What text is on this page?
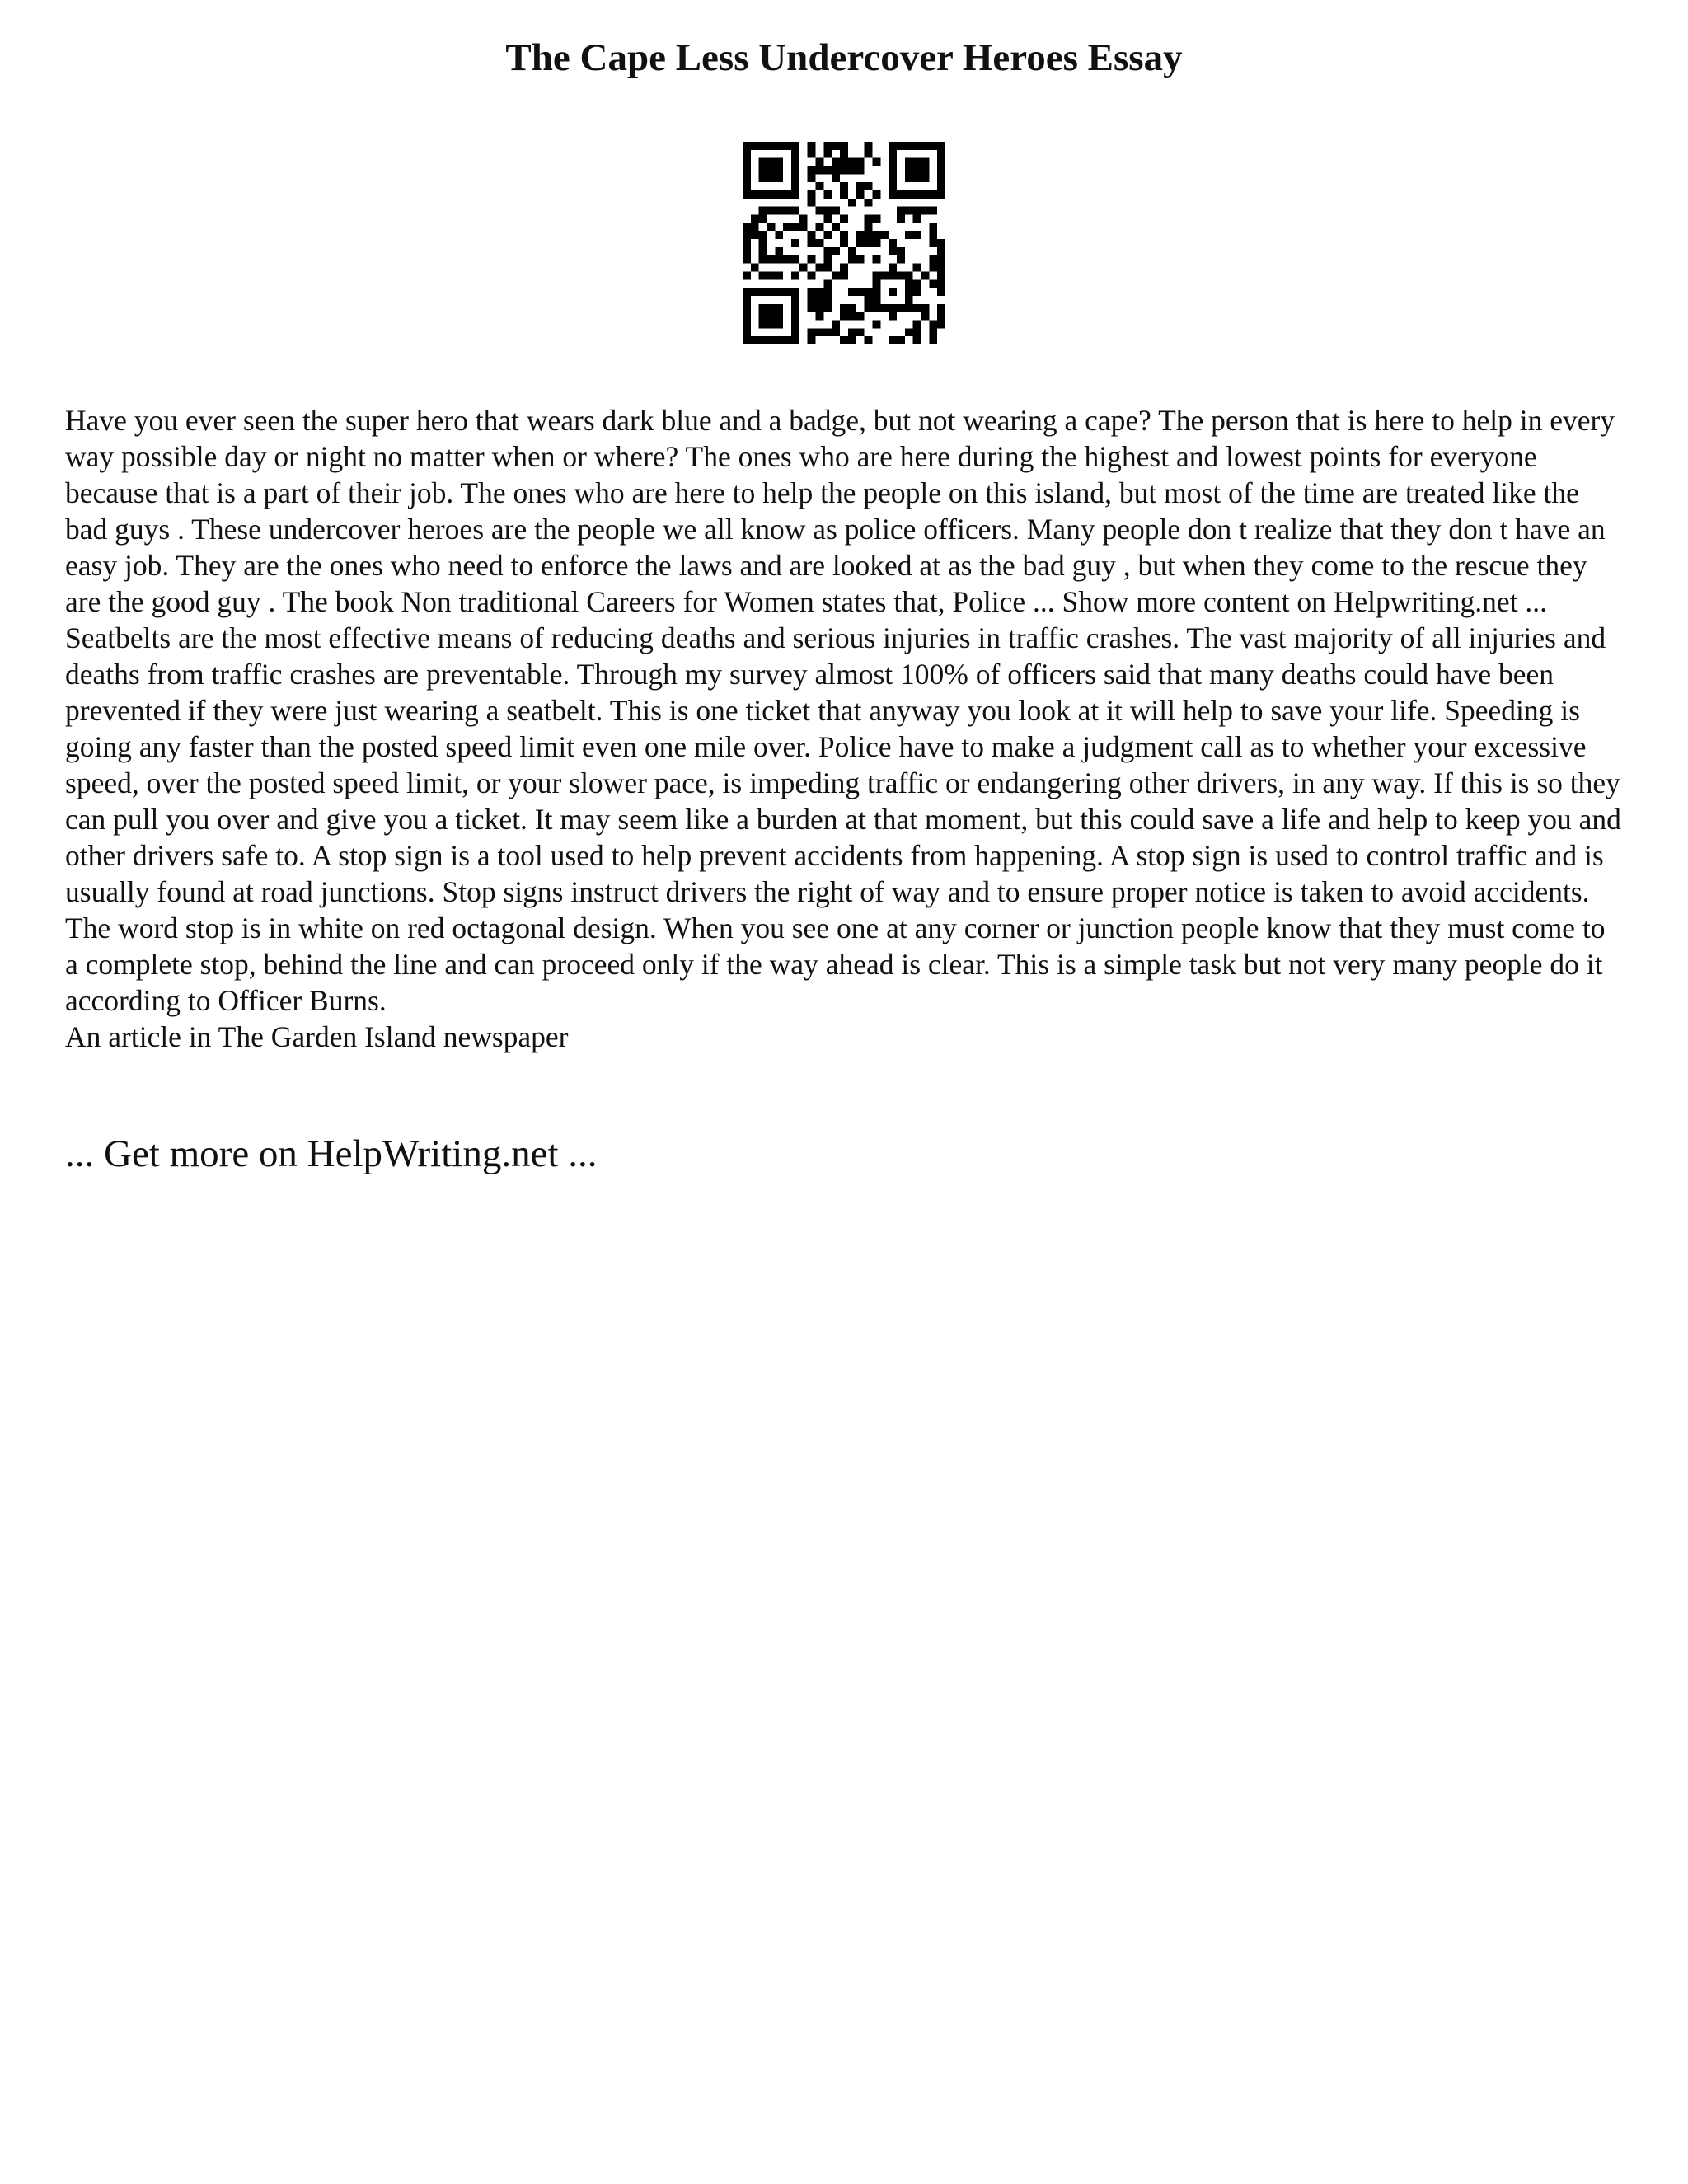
The Cape Less Undercover Heroes Essay

Have you ever seen the super hero that wears dark blue and a badge, but not wearing a cape? The person that is here to help in every way possible day or night no matter when or where? The ones who are here during the highest and lowest points for everyone because that is a part of their job. The ones who are here to help the people on this island, but most of the time are treated like the bad guys . These undercover heroes are the people we all know as police officers. Many people don t realize that they don t have an easy job. They are the ones who need to enforce the laws and are looked at as the bad guy , but when they come to the rescue they are the good guy . The book Non traditional Careers for Women states that, Police ... Show more content on Helpwriting.net ...

Seatbelts are the most effective means of reducing deaths and serious injuries in traffic crashes. The vast majority of all injuries and deaths from traffic crashes are preventable. Through my survey almost 100% of officers said that many deaths could have been prevented if they were just wearing a seatbelt. This is one ticket that anyway you look at it will help to save your life. Speeding is going any faster than the posted speed limit even one mile over. Police have to make a judgment call as to whether your excessive speed, over the posted speed limit, or your slower pace, is impeding traffic or endangering other drivers, in any way. If this is so they can pull you over and give you a ticket. It may seem like a burden at that moment, but this could save a life and help to keep you and other drivers safe to. A stop sign is a tool used to help prevent accidents from happening. A stop sign is used to control traffic and is usually found at road junctions. Stop signs instruct drivers the right of way and to ensure proper notice is taken to avoid accidents. The word stop is in white on red octagonal design. When you see one at any corner or junction people know that they must come to a complete stop, behind the line and can proceed only if the way ahead is clear. This is a simple task but not very many people do it according to Officer Burns.

An article in The Garden Island newspaper

... Get more on HelpWriting.net ...
